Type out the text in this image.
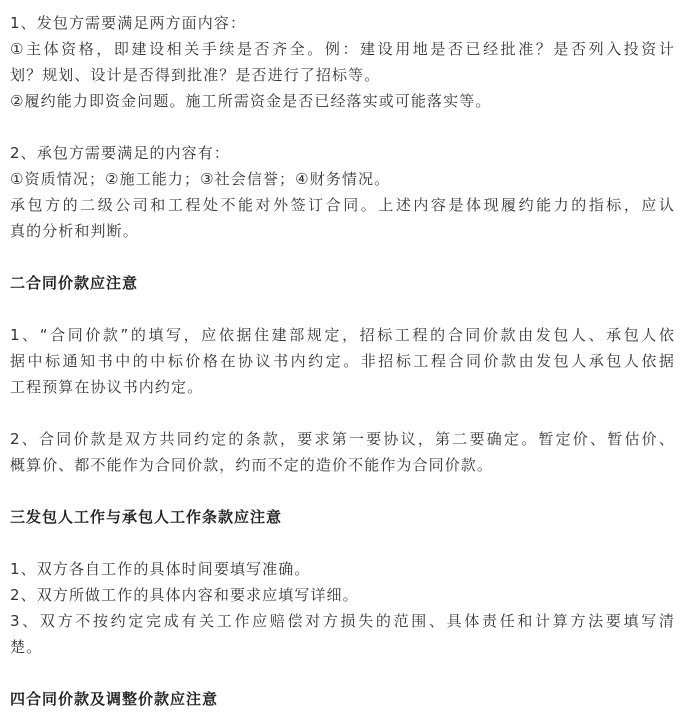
1、发包方需要满足两方面内容：
①主体资格，即建设相关手续是否齐全。例：建设用地是否已经批准？是否列入投资计
划？规划、设计是否得到批准？是否进行了招标等。
②履约能力即资金问题。施工所需资金是否已经落实或可能落实等。
2、承包方需要满足的内容有：
①资质情况；②施工能力；③社会信誉；④财务情况。
承包方的二级公司和工程处不能对外签订合同。上述内容是体现履约能力的指标，应认
真的分析和判断。
二合同价款应注意
1、“合同价款”的填写，应依据住建部规定，招标工程的合同价款由发包人、承包人依
据中标通知书中的中标价格在协议书内约定。非招标工程合同价款由发包人承包人依据
工程预算在协议书内约定。
2、合同价款是双方共同约定的条款，要求第一要协议，第二要确定。暂定价、暂估价、
概算价、都不能作为合同价款，约而不定的造价不能作为合同价款。
三发包人工作与承包人工作条款应注意
1、双方各自工作的具体时间要填写准确。
2、双方所做工作的具体内容和要求应填写详细。
3、双方不按约定完成有关工作应赔偿对方损失的范围、具体责任和计算方法要填写清
楚。
四合同价款及调整价款应注意
